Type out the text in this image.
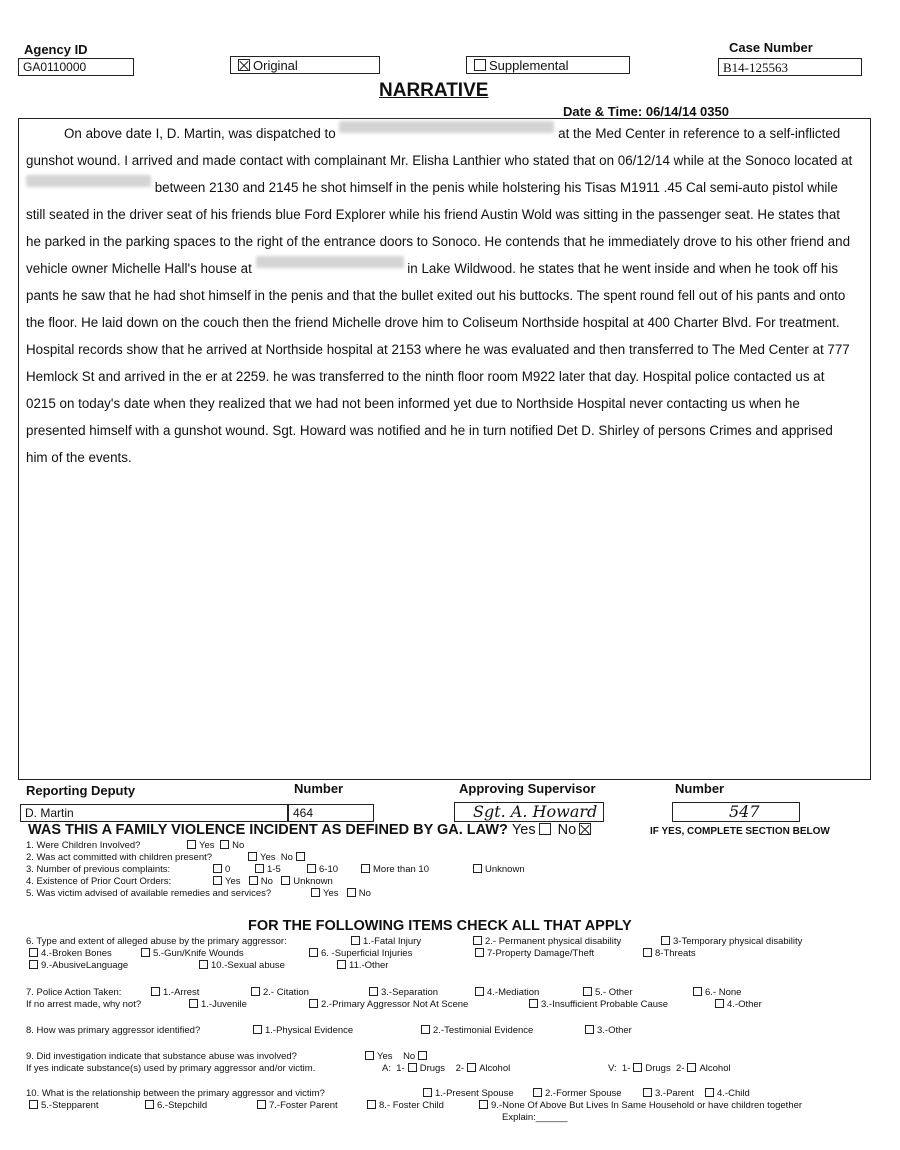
Agency ID
GA0110000	Original	Supplemental
Case Number
B14-125563
NARRATIVE
Date & Time: 06/14/14 0350
On above date I, D. Martin, was dispatched to	at the Med Center in reference to a self-inflicted gunshot wound. I arrived and made contact with complainant Mr. Elisha Lanthier who stated that on 06/12/14 while at the Sonoco located at  between 2130 and 2145 he shot himself in the penis while holstering his Tisas M1911 .45 Cal semi-auto pistol while still seated in the driver seat of his friends blue Ford Explorer while his friend Austin Wold was sitting in the passenger seat. He states that he parked in the parking spaces to the right of the entrance doors to Sonoco. He contends that he immediately drove to his other friend and vehicle owner Michelle Hall's house at	in Lake Wildwood. he states that he went inside and when he took off his pants he saw that he had shot himself in the penis and that the bullet exited out his buttocks. The spent round fell out of his pants and onto the floor. He laid down on the couch then the friend Michelle drove him to Coliseum Northside hospital at 400 Charter Blvd. For treatment. Hospital records show that he arrived at Northside hospital at 2153 where he was evaluated and then transferred to The Med Center at 777 Hemlock St and arrived in the er at 2259. he was transferred to the ninth floor room M922 later that day. Hospital police contacted us at 0215 on today's date when they realized that we had not been informed yet due to Northside Hospital never contacting us when he presented himself with a gunshot wound. Sgt. Howard was notified and he in turn notified Det D. Shirley of persons Crimes and apprised him of the events.
Reporting Deputy	Number	Approving Supervisor	Number
D. Martin	464	Sgt. A. Howard	547
WAS THIS A FAMILY VIOLENCE INCIDENT AS DEFINED BY GA. LAW? Yes No	IF YES, COMPLETE SECTION BELOW
1. Were Children Involved?	Yes No
2. Was act committed with children present?	Yes No
3. Number of previous complaints:	0	1-5	6-10	More than 10	Unknown
4. Existence of Prior Court Orders:	Yes No Unknown
5. Was victim advised of available remedies and services?	Yes No
FOR THE FOLLOWING ITEMS CHECK ALL THAT APPLY
6. Type and extent of alleged abuse by the primary aggressor:	1.-Fatal Injury	2.- Permanent physical disability	3-Temporary physical disability
4.-Broken Bones	5.-Gun/Knife Wounds	6. -Superficial Injuries	7-Property Damage/Theft	8-Threats
9.-AbusiveLanguage	10.-Sexual abuse	11.-Other
7. Police Action Taken:	1.-Arrest	2.- Citation	3.-Separation	4.-Mediation	5.- Other	6.- None
If no arrest made, why not?	1.-Juvenile	2.-Primary Aggressor Not At Scene	3.-Insufficient Probable Cause	4.-Other
8. How was primary aggressor identified?	1.-Physical Evidence	2.-Testimonial Evidence	3.-Other
9. Did investigation indicate that substance abuse was involved?	Yes No
If yes indicate substance(s) used by primary aggressor and/or victim.	A: 1- Drugs 2- Alcohol	V: 1- Drugs 2- Alcohol
10. What is the relationship between the primary aggressor and victim?	1.-Present Spouse	2.-Former Spouse	3.-Parent	4.-Child
5.-Stepparent	6.-Stepchild	7.-Foster Parent	8.- Foster Child	9.-None Of Above But Lives In Same Household or have children together
Explain:______
